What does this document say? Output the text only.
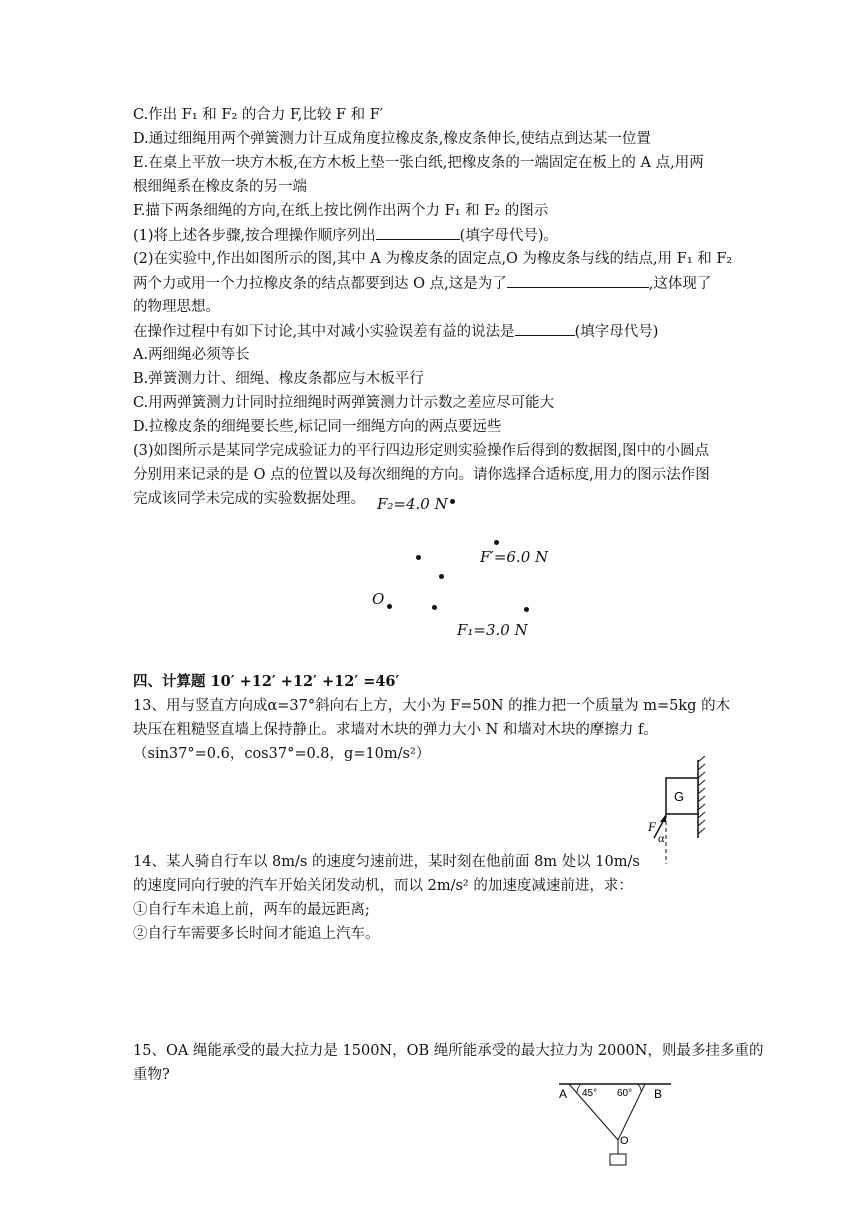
C.作出 F₁ 和 F₂ 的合力 F,比较 F 和 F′
D.通过细绳用两个弹簧测力计互成角度拉橡皮条,橡皮条伸长,使结点到达某一位置
E.在桌上平放一块方木板,在方木板上垫一张白纸,把橡皮条的一端固定在板上的 A 点,用两
根细绳系在橡皮条的另一端
F.描下两条细绳的方向,在纸上按比例作出两个力 F₁ 和 F₂ 的图示
(1)将上述各步骤,按合理操作顺序列出	(填字母代号)。
(2)在实验中,作出如图所示的图,其中 A 为橡皮条的固定点,O 为橡皮条与线的结点,用 F₁ 和 F₂
两个力或用一个力拉橡皮条的结点都要到达 O 点,这是为了	,这体现了
的物理思想。
在操作过程中有如下讨论,其中对减小实验误差有益的说法是	(填字母代号)
A.两细绳必须等长
B.弹簧测力计、细绳、橡皮条都应与木板平行
C.用两弹簧测力计同时拉细绳时两弹簧测力计示数之差应尽可能大
D.拉橡皮条的细绳要长些,标记同一细绳方向的两点要远些
(3)如图所示是某同学完成验证力的平行四边形定则实验操作后得到的数据图,图中的小圆点
分别用来记录的是 O 点的位置以及每次细绳的方向。请你选择合适标度,用力的图示法作图
完成该同学未完成的实验数据处理。 F₂=4.0 N
F′=6.0 N
O
F₁=3.0 N
四、计算题 10′ +12′ +12′ +12′ =46′
13、用与竖直方向成α=37°斜向右上方，大小为 F=50N 的推力把一个质量为 m=5kg 的木
块压在粗糙竖直墙上保持静止。求墙对木块的弹力大小 N 和墙对木块的摩擦力 f。
（sin37°=0.6，cos37°=0.8，g=10m/s²）
G
F
α
14、某人骑自行车以 8m/s 的速度匀速前进，某时刻在他前面 8m 处以 10m/s
的速度同向行驶的汽车开始关闭发动机，而以 2m/s² 的加速度减速前进，求：
①自行车未追上前，两车的最远距离;
②自行车需要多长时间才能追上汽车。
15、OA 绳能承受的最大拉力是 1500N，OB 绳所能承受的最大拉力为 2000N，则最多挂多重的
重物?
A 45° 60° B
O
